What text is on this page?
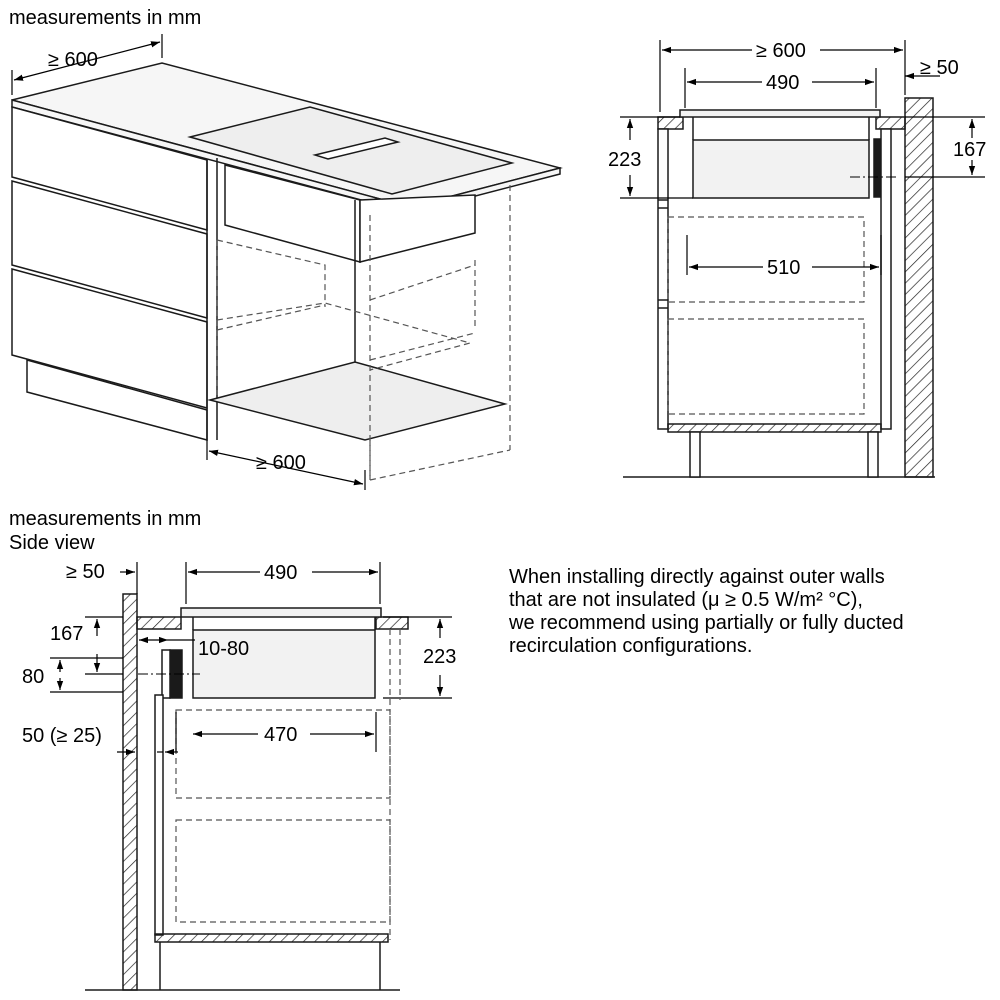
measurements in mm
measurements in mm
Side view
When installing directly against outer walls
that are not insulated (μ ≥ 0.5 W/m² °C),
we recommend using partially or fully ducted
recirculation configurations.
≥ 600
≥ 600
≥ 600
490
≥ 50
223	167
510
≥ 50	490
167
10-80
80
223
50 (≥ 25)	470
